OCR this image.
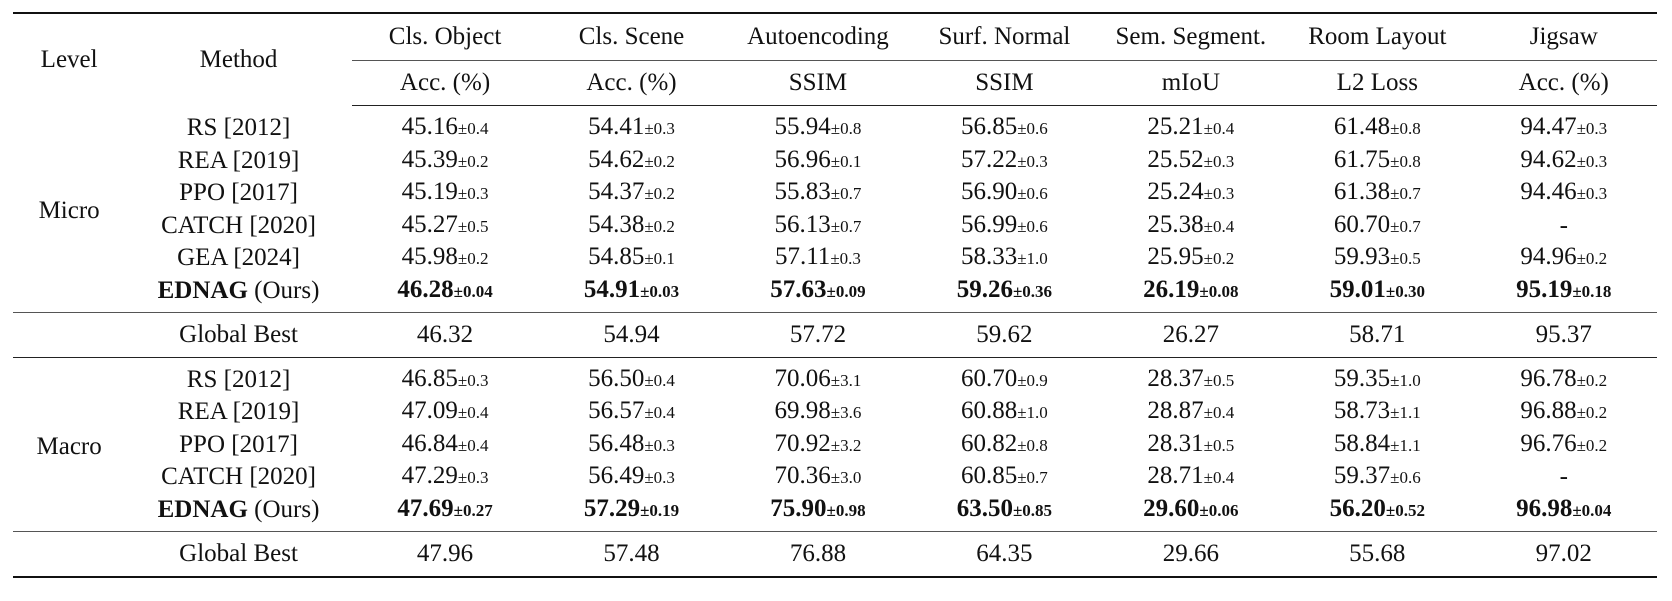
Level	Method	Cls. Object	Cls. Scene	Autoencoding	Surf. Normal	Sem. Segment.	Room Layout	Jigsaw
		Acc. (%)	Acc. (%)	SSIM	SSIM	mIoU	L2 Loss	Acc. (%)
Micro	RS [2012]	45.16±0.4	54.41±0.3	55.94±0.8	56.85±0.6	25.21±0.4	61.48±0.8	94.47±0.3
	REA [2019]	45.39±0.2	54.62±0.2	56.96±0.1	57.22±0.3	25.52±0.3	61.75±0.8	94.62±0.3
	PPO [2017]	45.19±0.3	54.37±0.2	55.83±0.7	56.90±0.6	25.24±0.3	61.38±0.7	94.46±0.3
	CATCH [2020]	45.27±0.5	54.38±0.2	56.13±0.7	56.99±0.6	25.38±0.4	60.70±0.7	-
	GEA [2024]	45.98±0.2	54.85±0.1	57.11±0.3	58.33±1.0	25.95±0.2	59.93±0.5	94.96±0.2
	EDNAG (Ours)	46.28±0.04	54.91±0.03	57.63±0.09	59.26±0.36	26.19±0.08	59.01±0.30	95.19±0.18
	Global Best	46.32	54.94	57.72	59.62	26.27	58.71	95.37
Macro	RS [2012]	46.85±0.3	56.50±0.4	70.06±3.1	60.70±0.9	28.37±0.5	59.35±1.0	96.78±0.2
	REA [2019]	47.09±0.4	56.57±0.4	69.98±3.6	60.88±1.0	28.87±0.4	58.73±1.1	96.88±0.2
	PPO [2017]	46.84±0.4	56.48±0.3	70.92±3.2	60.82±0.8	28.31±0.5	58.84±1.1	96.76±0.2
	CATCH [2020]	47.29±0.3	56.49±0.3	70.36±3.0	60.85±0.7	28.71±0.4	59.37±0.6	-
	EDNAG (Ours)	47.69±0.27	57.29±0.19	75.90±0.98	63.50±0.85	29.60±0.06	56.20±0.52	96.98±0.04
	Global Best	47.96	57.48	76.88	64.35	29.66	55.68	97.02
